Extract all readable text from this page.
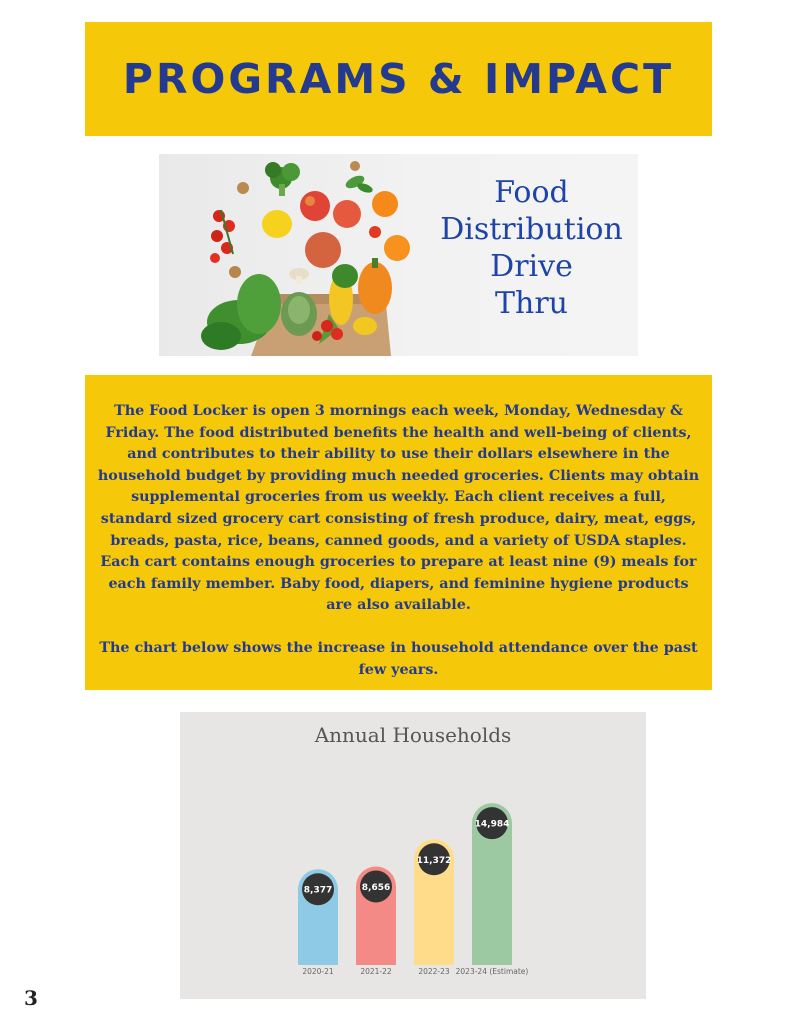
PROGRAMS & IMPACT
Food
Distribution
Drive
Thru

The Food Locker is open 3 mornings each week, Monday, Wednesday & Friday. The food distributed benefits the health and well-being of clients, and contributes to their ability to use their dollars elsewhere in the household budget by providing much needed groceries. Clients may obtain supplemental groceries from us weekly. Each client receives a full, standard sized grocery cart consisting of fresh produce, dairy, meat, eggs, breads, pasta, rice, beans, canned goods, and a variety of USDA staples. Each cart contains enough groceries to prepare at least nine (9) meals for each family member. Baby food, diapers, and feminine hygiene products are also available.

The chart below shows the increase in household attendance over the past few years.

Annual Households
8,377
2020-21
8,656
2021-22
11,372
2022-23
14,984
2023-24 (Estimate)
3
